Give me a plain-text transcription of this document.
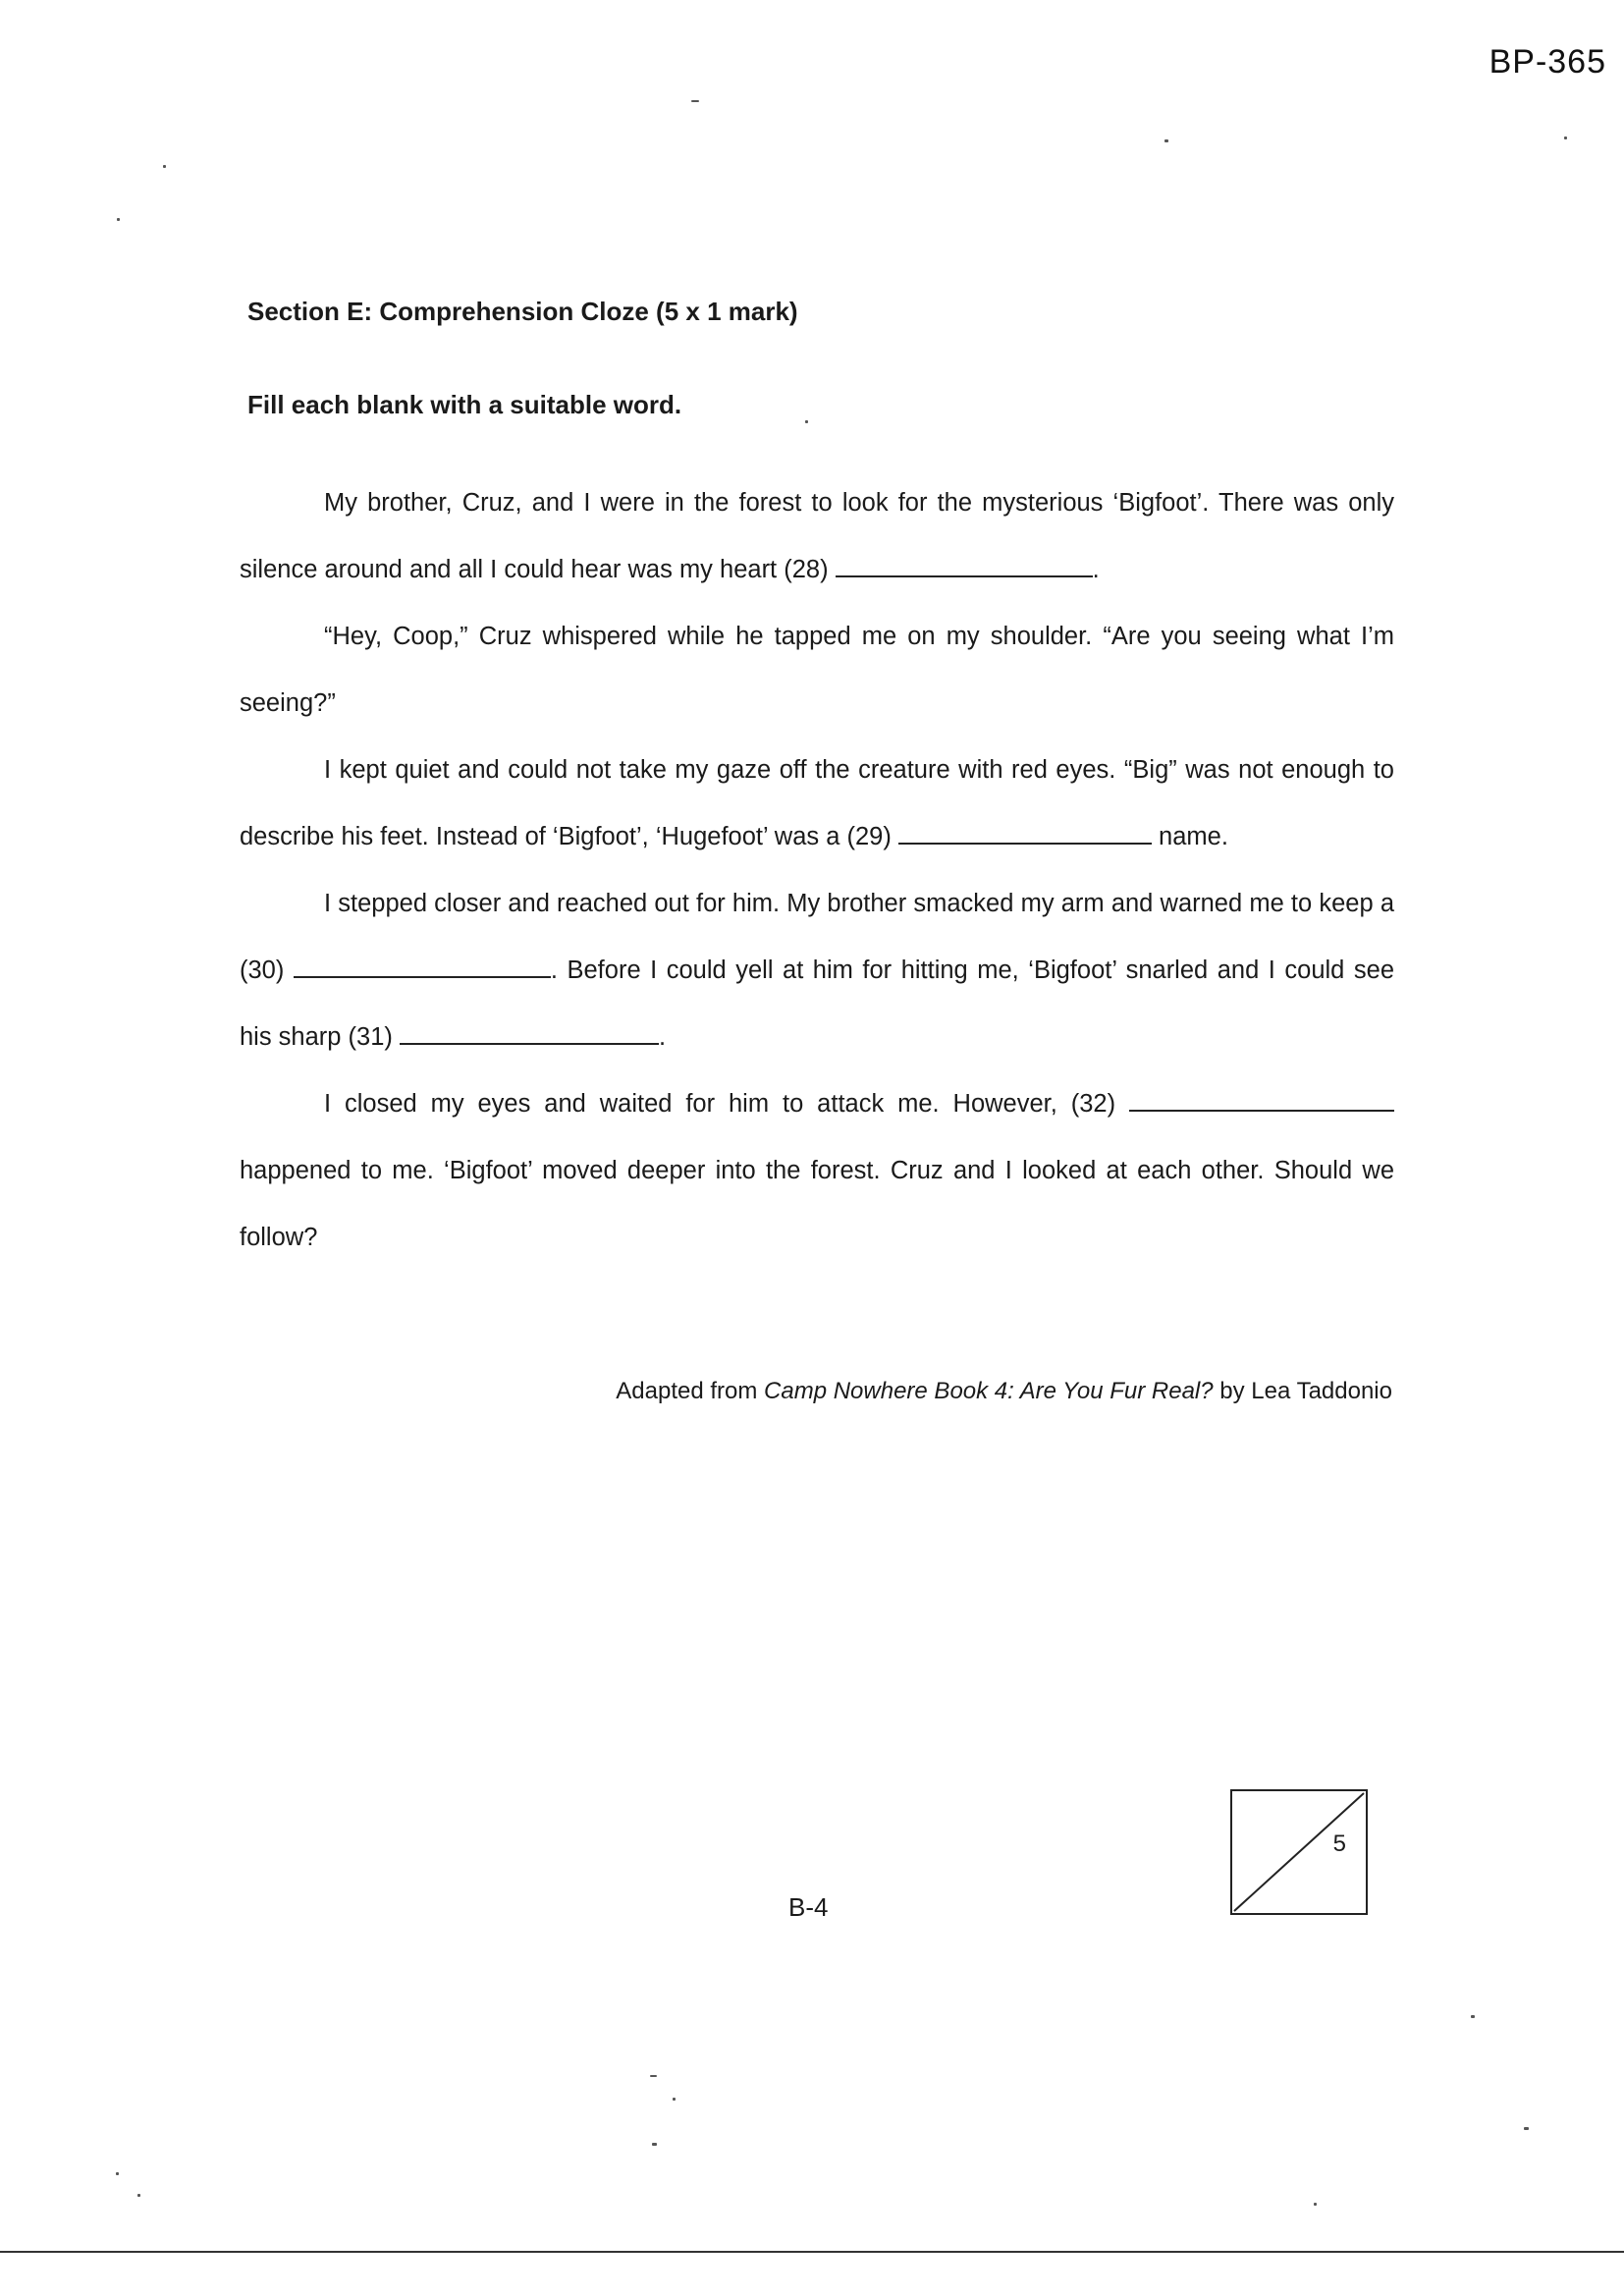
BP-365
Section E: Comprehension Cloze (5 x 1 mark)
Fill each blank with a suitable word.

My brother, Cruz, and I were in the forest to look for the mysterious ‘Bigfoot’. There was only silence around and all I could hear was my heart (28)	.

“Hey, Coop,” Cruz whispered while he tapped me on my shoulder. “Are you seeing what I’m seeing?”

I kept quiet and could not take my gaze off the creature with red eyes. “Big” was not enough to describe his feet. Instead of ‘Bigfoot’, ‘Hugefoot’ was a (29)	name.

I stepped closer and reached out for him. My brother smacked my arm and warned me to keep a (30)	. Before I could yell at him for hitting me, ‘Bigfoot’ snarled and I could see his sharp (31)	.

I closed my eyes and waited for him to attack me. However, (32)  happened to me. ‘Bigfoot’ moved deeper into the forest. Cruz and I looked at each other. Should we follow?

Adapted from Camp Nowhere Book 4: Are You Fur Real? by Lea Taddonio
5
B-4
